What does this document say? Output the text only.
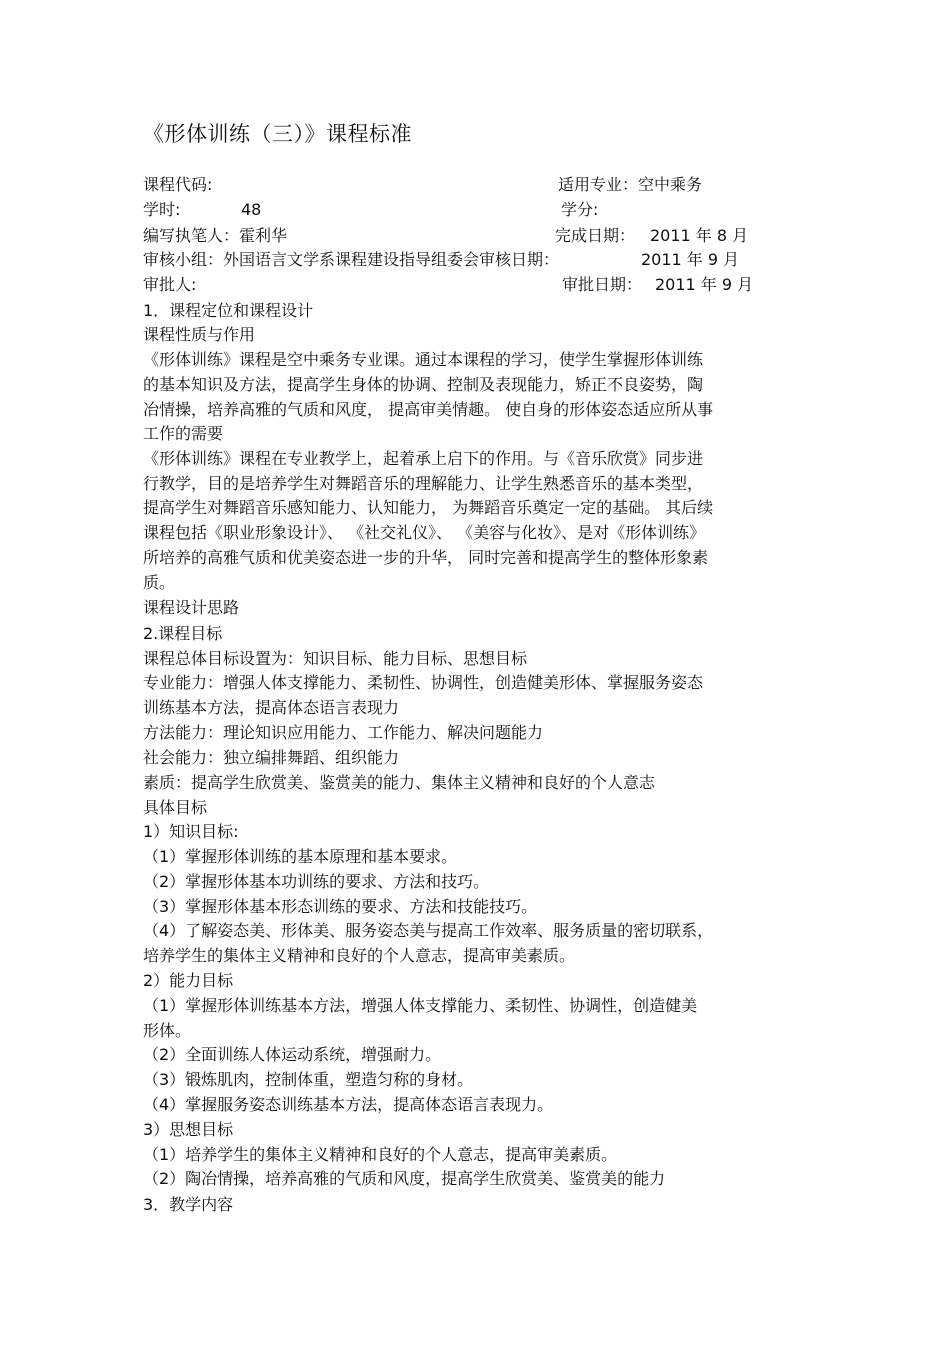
《形体训练（三）》课程标准
课程代码:	适用专业：空中乘务
学时:	48	学分:
编写执笔人：霍利华	完成日期： 2011 年 8 月
审核小组：外国语言文学系课程建设指导组委会审核日期：	2011 年 9 月
审批人:	审批日期： 2011 年 9 月
1．课程定位和课程设计
课程性质与作用
《形体训练》课程是空中乘务专业课。通过本课程的学习，使学生掌握形体训练
的基本知识及方法，提高学生身体的协调、控制及表现能力，矫正不良姿势，陶
冶情操，培养高雅的气质和风度， 提高审美情趣。 使自身的形体姿态适应所从事
工作的需要
《形体训练》课程在专业教学上，起着承上启下的作用。与《音乐欣赏》同步进
行教学，目的是培养学生对舞蹈音乐的理解能力、让学生熟悉音乐的基本类型，
提高学生对舞蹈音乐感知能力、认知能力， 为舞蹈音乐奠定一定的基础。 其后续
课程包括《职业形象设计》、 《社交礼仪》、 《美容与化妆》、是对《形体训练》
所培养的高雅气质和优美姿态进一步的升华， 同时完善和提高学生的整体形象素
质。
课程设计思路
2.课程目标
课程总体目标设置为：知识目标、能力目标、思想目标
专业能力：增强人体支撑能力、柔韧性、协调性，创造健美形体、掌握服务姿态
训练基本方法，提高体态语言表现力
方法能力：理论知识应用能力、工作能力、解决问题能力
社会能力：独立编排舞蹈、组织能力
素质：提高学生欣赏美、鉴赏美的能力、集体主义精神和良好的个人意志
具体目标
1）知识目标:
（1）掌握形体训练的基本原理和基本要求。
（2）掌握形体基本功训练的要求、方法和技巧。
（3）掌握形体基本形态训练的要求、方法和技能技巧。
（4）了解姿态美、形体美、服务姿态美与提高工作效率、服务质量的密切联系，
培养学生的集体主义精神和良好的个人意志，提高审美素质。
2）能力目标
（1）掌握形体训练基本方法，增强人体支撑能力、柔韧性、协调性，创造健美
形体。
（2）全面训练人体运动系统，增强耐力。
（3）锻炼肌肉，控制体重，塑造匀称的身材。
（4）掌握服务姿态训练基本方法，提高体态语言表现力。
3）思想目标
（1）培养学生的集体主义精神和良好的个人意志，提高审美素质。
（2）陶冶情操，培养高雅的气质和风度，提高学生欣赏美、鉴赏美的能力
3．教学内容
